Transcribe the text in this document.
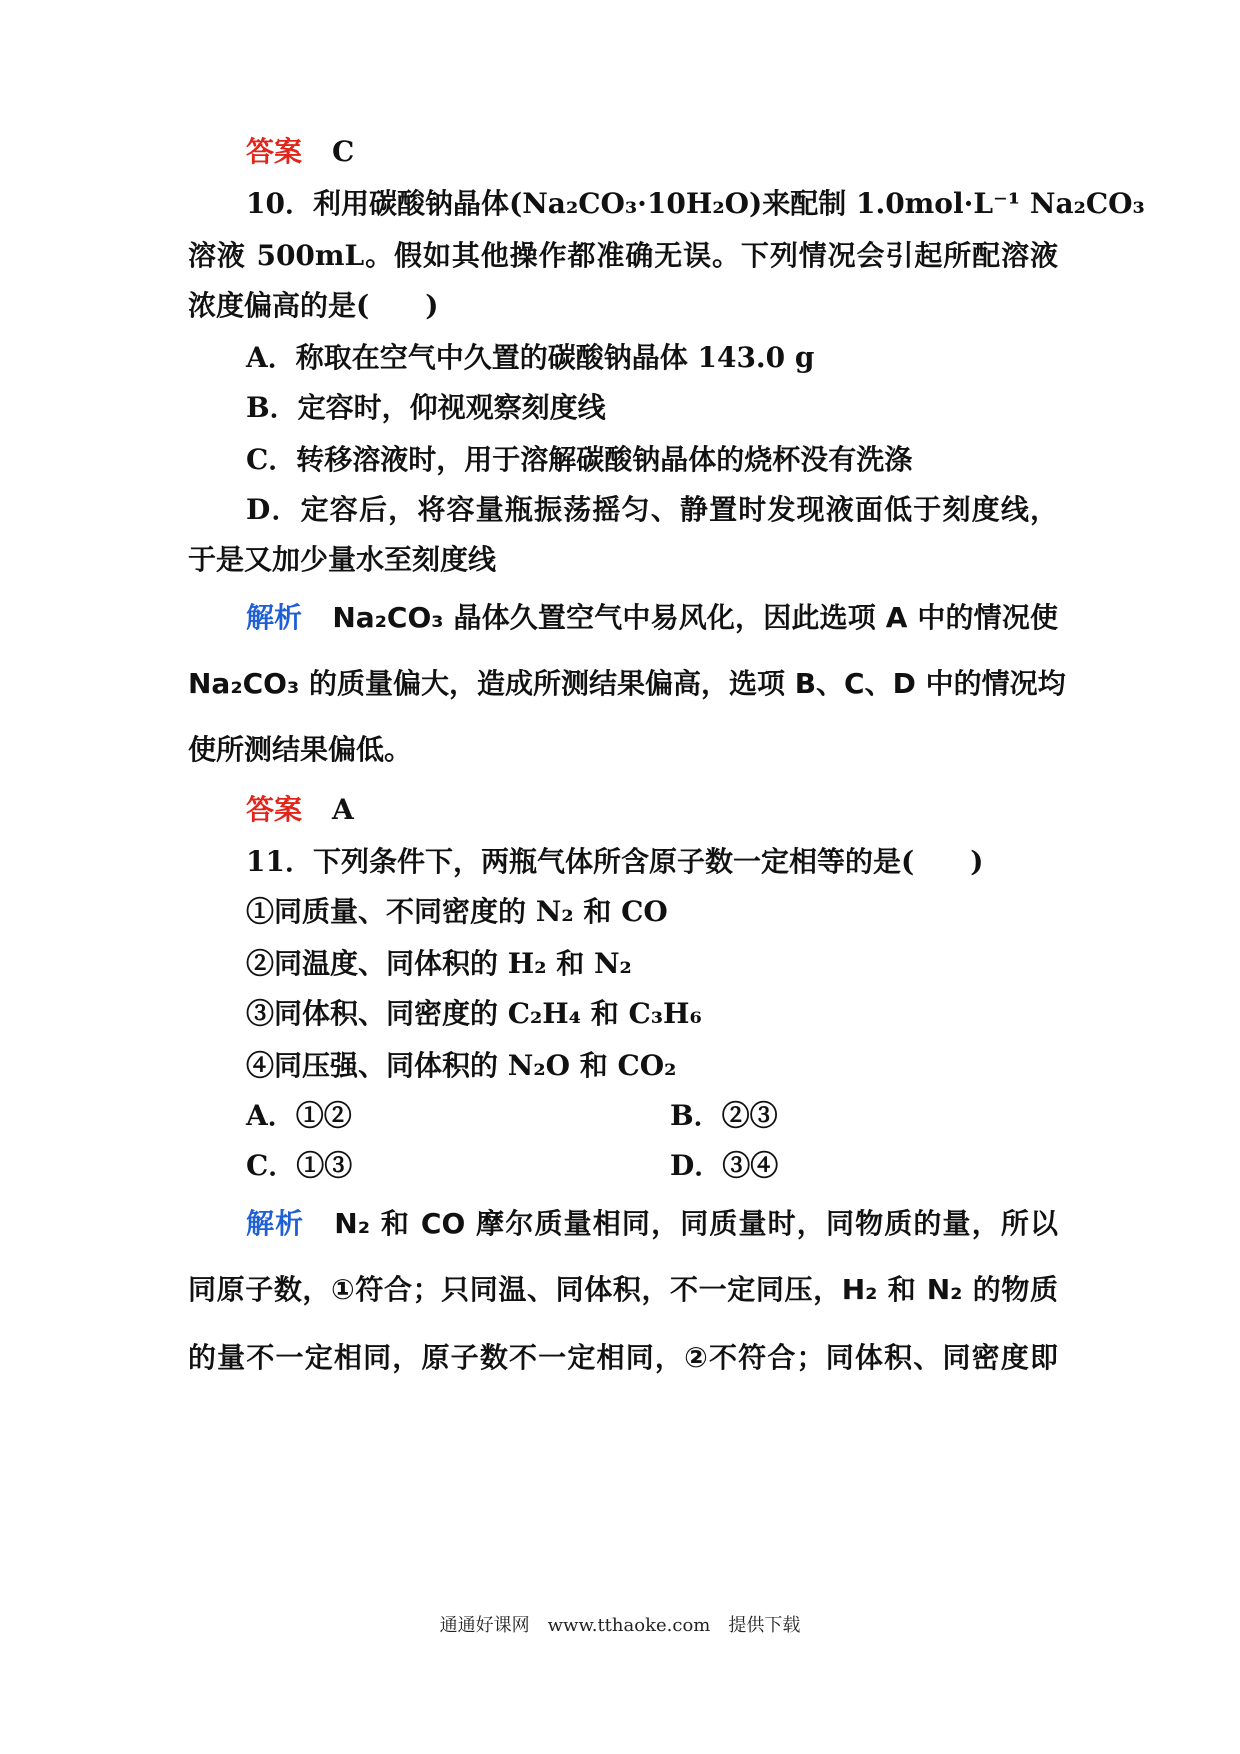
答案 C
10．利用碳酸钠晶体(Na₂CO₃·10H₂O)来配制 1.0mol·L⁻¹ Na₂CO₃
溶液 500mL。假如其他操作都准确无误。下列情况会引起所配溶液
浓度偏高的是(　　)
A．称取在空气中久置的碳酸钠晶体 143.0 g
B．定容时，仰视观察刻度线
C．转移溶液时，用于溶解碳酸钠晶体的烧杯没有洗涤
D．定容后，将容量瓶振荡摇匀、静置时发现液面低于刻度线，
于是又加少量水至刻度线
解析 Na₂CO₃ 晶体久置空气中易风化，因此选项 A 中的情况使
Na₂CO₃ 的质量偏大，造成所测结果偏高，选项 B、C、D 中的情况均
使所测结果偏低。
答案 A
11．下列条件下，两瓶气体所含原子数一定相等的是(　　)
①同质量、不同密度的 N₂ 和 CO
②同温度、同体积的 H₂ 和 N₂
③同体积、同密度的 C₂H₄ 和 C₃H₆
④同压强、同体积的 N₂O 和 CO₂
A．①②	B．②③
C．①③	D．③④
解析 N₂ 和 CO 摩尔质量相同，同质量时，同物质的量，所以
同原子数，①符合；只同温、同体积，不一定同压，H₂ 和 N₂ 的物质
的量不一定相同，原子数不一定相同，②不符合；同体积、同密度即
通通好课网　www.tthaoke.com　提供下载
